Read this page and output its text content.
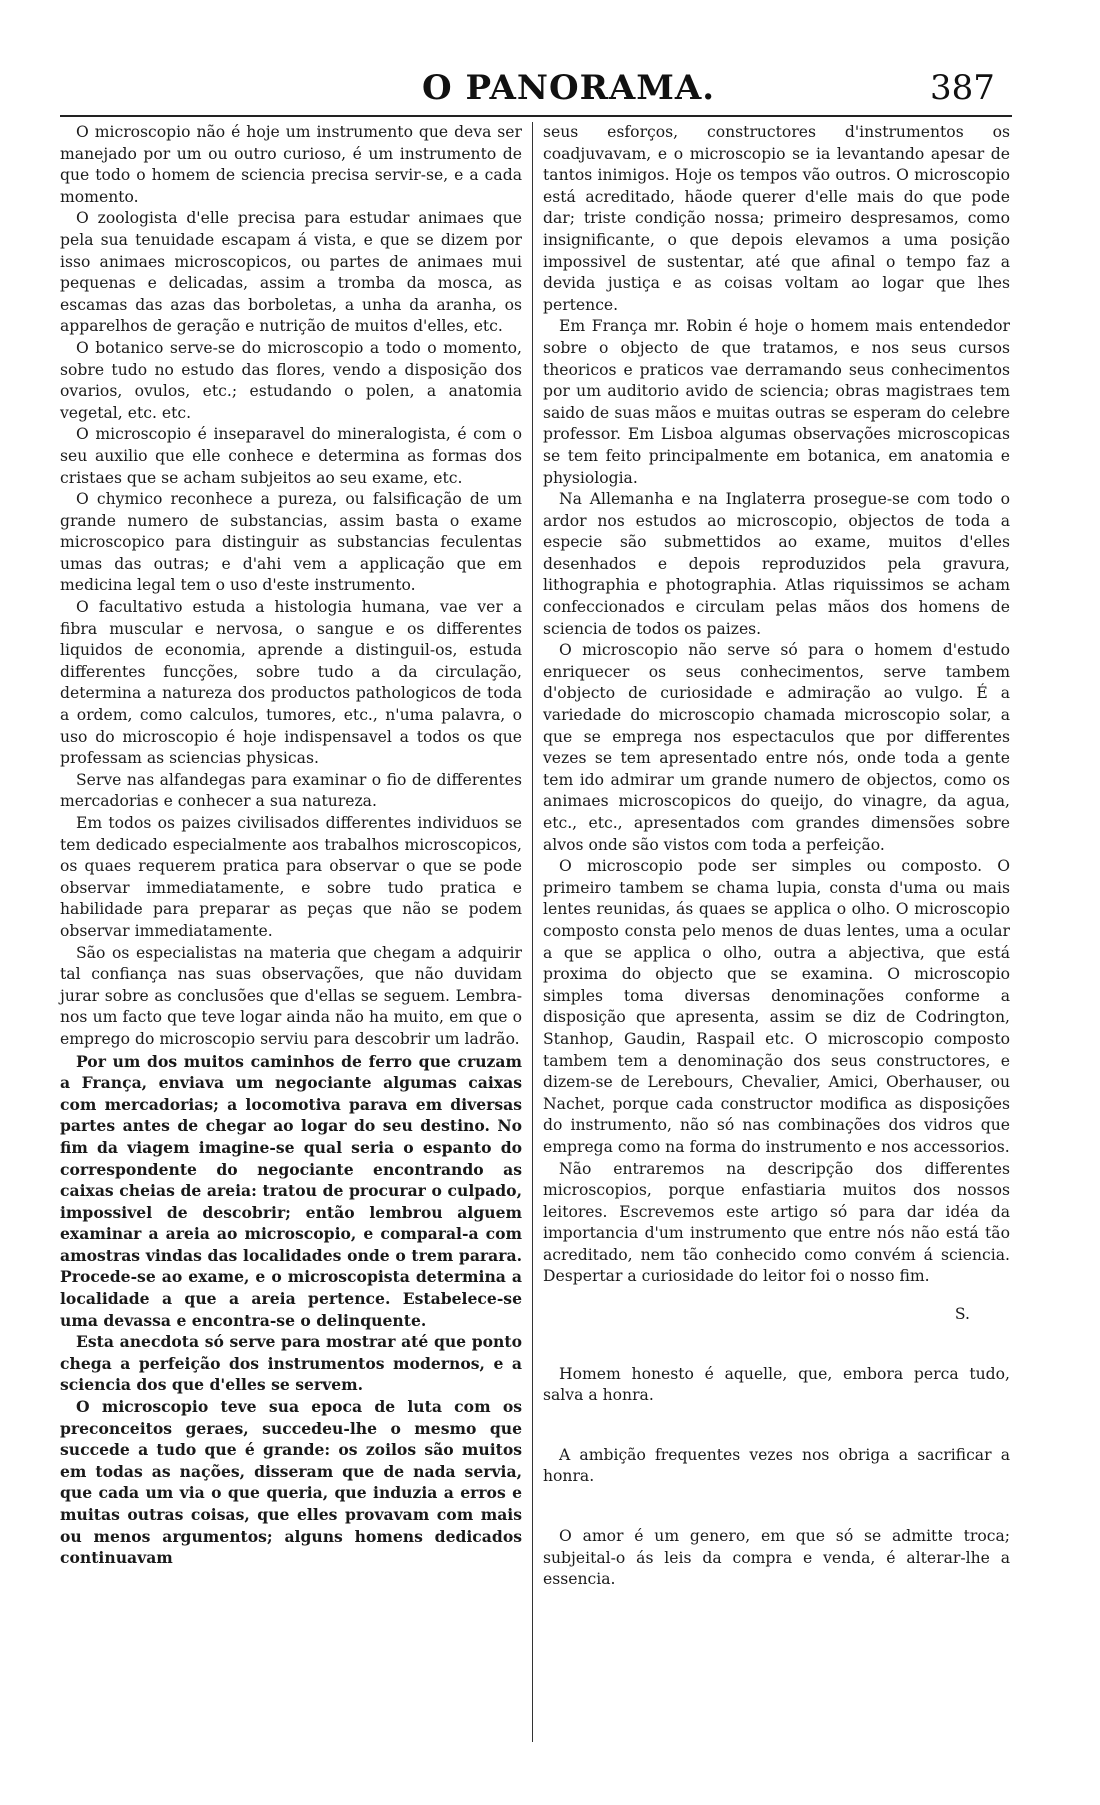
O PANORAMA.	387

O microscopio não é hoje um instrumento que deva ser manejado por um ou outro curioso, é um instrumento de que todo o homem de sciencia precisa servir-se, e a cada momento.

O zoologista d'elle precisa para estudar animaes que pela sua tenuidade escapam á vista, e que se dizem por isso animaes microscopicos, ou partes de animaes mui pequenas e delicadas, assim a tromba da mosca, as escamas das azas das borboletas, a unha da aranha, os apparelhos de geração e nutrição de muitos d'elles, etc.

O botanico serve-se do microscopio a todo o momento, sobre tudo no estudo das flores, vendo a disposição dos ovarios, ovulos, etc.; estudando o polen, a anatomia vegetal, etc. etc.

O microscopio é inseparavel do mineralogista, é com o seu auxilio que elle conhece e determina as formas dos cristaes que se acham subjeitos ao seu exame, etc.

O chymico reconhece a pureza, ou falsificação de um grande numero de substancias, assim basta o exame microscopico para distinguir as substancias feculentas umas das outras; e d'ahi vem a applicação que em medicina legal tem o uso d'este instrumento.

O facultativo estuda a histologia humana, vae ver a fibra muscular e nervosa, o sangue e os differentes liquidos de economia, aprende a distinguil-os, estuda differentes funcções, sobre tudo a da circulação, determina a natureza dos productos pathologicos de toda a ordem, como calculos, tumores, etc., n'uma palavra, o uso do microscopio é hoje indispensavel a todos os que professam as sciencias physicas.

Serve nas alfandegas para examinar o fio de differentes mercadorias e conhecer a sua natureza.

Em todos os paizes civilisados differentes individuos se tem dedicado especialmente aos trabalhos microscopicos, os quaes requerem pratica para observar o que se pode observar immediatamente, e sobre tudo pratica e habilidade para preparar as peças que não se podem observar immediatamente.

São os especialistas na materia que chegam a adquirir tal confiança nas suas observações, que não duvidam jurar sobre as conclusões que d'ellas se seguem. Lembra-nos um facto que teve logar ainda não ha muito, em que o emprego do microscopio serviu para descobrir um ladrão.

Por um dos muitos caminhos de ferro que cruzam a França, enviava um negociante algumas caixas com mercadorias; a locomotiva parava em diversas partes antes de chegar ao logar do seu destino. No fim da viagem imagine-se qual seria o espanto do correspondente do negociante encontrando as caixas cheias de areia: tratou de procurar o culpado, impossivel de descobrir; então lembrou alguem examinar a areia ao microscopio, e comparal-a com amostras vindas das localidades onde o trem parara. Procede-se ao exame, e o microscopista determina a localidade a que a areia pertence. Estabelece-se uma devassa e encontra-se o delinquente.

Esta anecdota só serve para mostrar até que ponto chega a perfeição dos instrumentos modernos, e a sciencia dos que d'elles se servem.

O microscopio teve sua epoca de luta com os preconceitos geraes, succedeu-lhe o mesmo que succede a tudo que é grande: os zoilos são muitos em todas as nações, disseram que de nada servia, que cada um via o que queria, que induzia a erros e muitas outras coisas, que elles provavam com mais ou menos argumentos; alguns homens dedicados continuavam

seus esforços, constructores d'instrumentos os coadjuvavam, e o microscopio se ia levantando apesar de tantos inimigos. Hoje os tempos vão outros. O microscopio está acreditado, hãode querer d'elle mais do que pode dar; triste condição nossa; primeiro despresamos, como insignificante, o que depois elevamos a uma posição impossivel de sustentar, até que afinal o tempo faz a devida justiça e as coisas voltam ao logar que lhes pertence.

Em França mr. Robin é hoje o homem mais entendedor sobre o objecto de que tratamos, e nos seus cursos theoricos e praticos vae derramando seus conhecimentos por um auditorio avido de sciencia; obras magistraes tem saido de suas mãos e muitas outras se esperam do celebre professor. Em Lisboa algumas observações microscopicas se tem feito principalmente em botanica, em anatomia e physiologia.

Na Allemanha e na Inglaterra prosegue-se com todo o ardor nos estudos ao microscopio, objectos de toda a especie são submettidos ao exame, muitos d'elles desenhados e depois reproduzidos pela gravura, lithographia e photographia. Atlas riquissimos se acham confeccionados e circulam pelas mãos dos homens de sciencia de todos os paizes.

O microscopio não serve só para o homem d'estudo enriquecer os seus conhecimentos, serve tambem d'objecto de curiosidade e admiração ao vulgo. É a variedade do microscopio chamada microscopio solar, a que se emprega nos espectaculos que por differentes vezes se tem apresentado entre nós, onde toda a gente tem ido admirar um grande numero de objectos, como os animaes microscopicos do queijo, do vinagre, da agua, etc., etc., apresentados com grandes dimensões sobre alvos onde são vistos com toda a perfeição.

O microscopio pode ser simples ou composto. O primeiro tambem se chama lupia, consta d'uma ou mais lentes reunidas, ás quaes se applica o olho. O microscopio composto consta pelo menos de duas lentes, uma a ocular a que se applica o olho, outra a abjectiva, que está proxima do objecto que se examina. O microscopio simples toma diversas denominações conforme a disposição que apresenta, assim se diz de Codrington, Stanhop, Gaudin, Raspail etc. O microscopio composto tambem tem a denominação dos seus constructores, e dizem-se de Lerebours, Chevalier, Amici, Oberhauser, ou Nachet, porque cada constructor modifica as disposições do instrumento, não só nas combinações dos vidros que emprega como na forma do instrumento e nos accessorios.

Não entraremos na descripção dos differentes microscopios, porque enfastiaria muitos dos nossos leitores. Escrevemos este artigo só para dar idéa da importancia d'um instrumento que entre nós não está tão acreditado, nem tão conhecido como convém á sciencia. Despertar a curiosidade do leitor foi o nosso fim.

S.

Homem honesto é aquelle, que, embora perca tudo, salva a honra.

A ambição frequentes vezes nos obriga a sacrificar a honra.

O amor é um genero, em que só se admitte troca; subjeital-o ás leis da compra e venda, é alterar-lhe a essencia.
